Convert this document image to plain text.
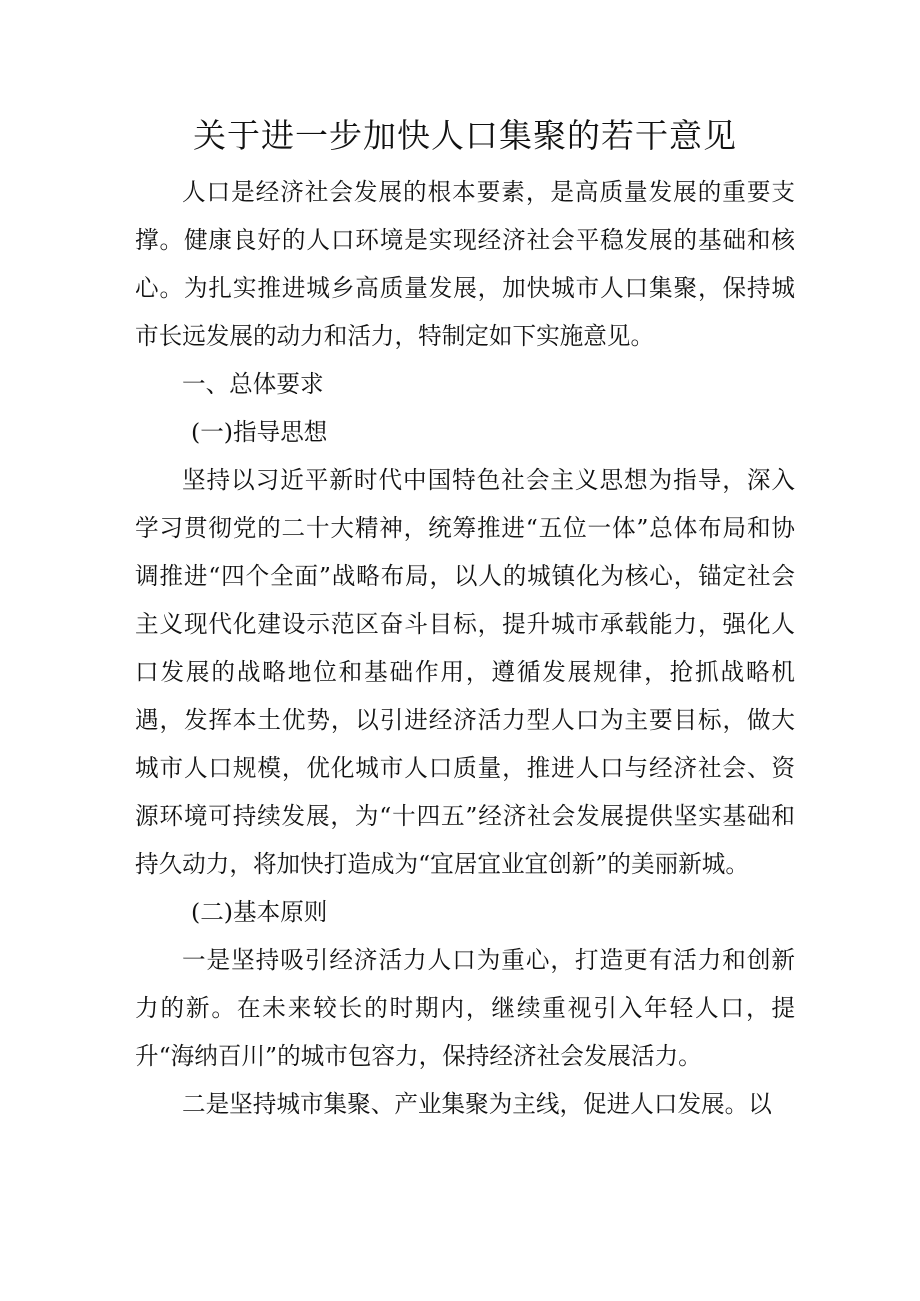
关于进一步加快人口集聚的若干意见

人口是经济社会发展的根本要素，是高质量发展的重要支撑。健康良好的人口环境是实现经济社会平稳发展的基础和核心。为扎实推进城乡高质量发展，加快城市人口集聚，保持城市长远发展的动力和活力，特制定如下实施意见。

一、总体要求

(一)指导思想

坚持以习近平新时代中国特色社会主义思想为指导，深入学习贯彻党的二十大精神，统筹推进“五位一体”总体布局和协调推进“四个全面”战略布局，以人的城镇化为核心，锚定社会主义现代化建设示范区奋斗目标，提升城市承载能力，强化人口发展的战略地位和基础作用，遵循发展规律，抢抓战略机遇，发挥本土优势，以引进经济活力型人口为主要目标，做大城市人口规模，优化城市人口质量，推进人口与经济社会、资源环境可持续发展，为“十四五”经济社会发展提供坚实基础和持久动力，将加快打造成为“宜居宜业宜创新”的美丽新城。

(二)基本原则

一是坚持吸引经济活力人口为重心，打造更有活力和创新力的新。在未来较长的时期内，继续重视引入年轻人口，提升“海纳百川”的城市包容力，保持经济社会发展活力。

二是坚持城市集聚、产业集聚为主线，促进人口发展。以
